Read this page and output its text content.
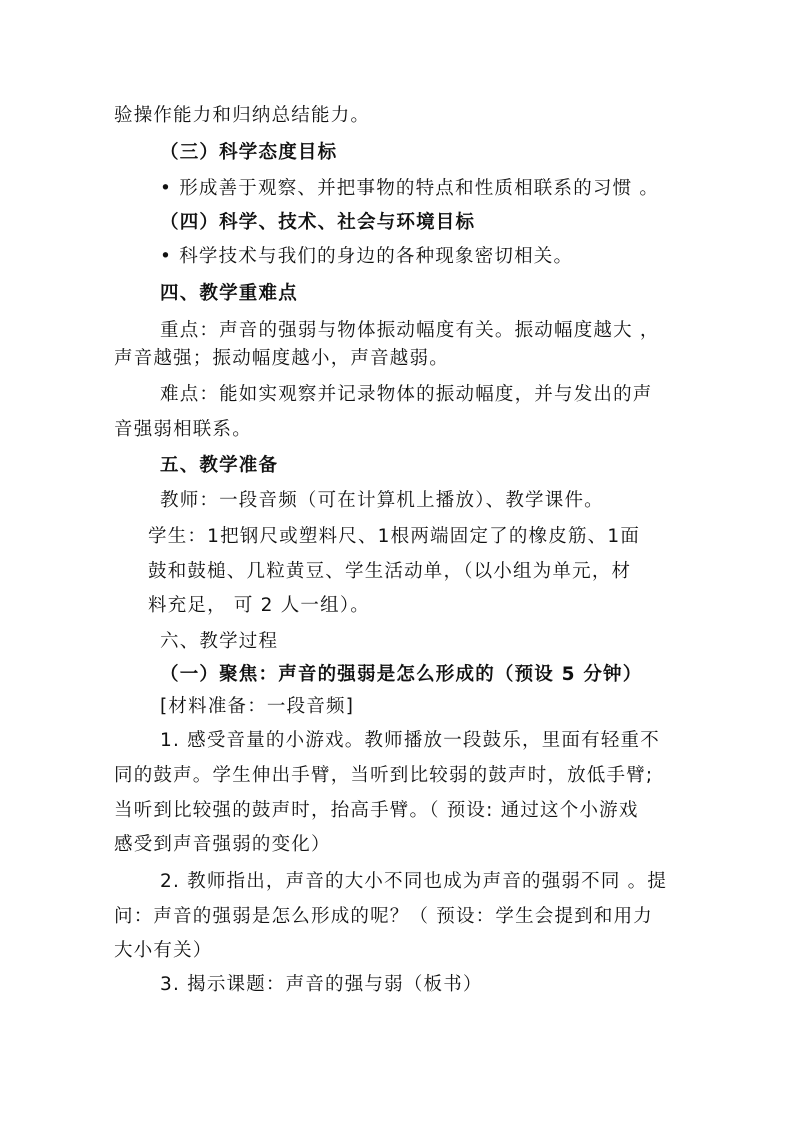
验操作能力和归纳总结能力。
（三）科学态度目标
• 形成善于观察、并把事物的特点和性质相联系的习惯 。
（四）科学、技术、社会与环境目标
• 科学技术与我们的身边的各种现象密切相关。
四、教学重难点
重点：声音的强弱与物体振动幅度有关。振动幅度越大 ，
声音越强；振动幅度越小，声音越弱。
难点：能如实观察并记录物体的振动幅度，并与发出的声
音强弱相联系。
五、教学准备
教师：一段音频（可在计算机上播放）、教学课件。
学生：1把钢尺或塑料尺、1根两端固定了的橡皮筋、1面
鼓和鼓槌、几粒黄豆、学生活动单，（以小组为单元，材
料充足， 可 2 人一组）。
六、教学过程
（一）聚焦：声音的强弱是怎么形成的（预设 5 分钟）
[材料准备：一段音频]
1. 感受音量的小游戏。教师播放一段鼓乐，里面有轻重不
同的鼓声。学生伸出手臂，当听到比较弱的鼓声时，放低手臂;
当听到比较强的鼓声时，抬高手臂。（ 预设: 通过这个小游戏
感受到声音强弱的变化）
2. 教师指出，声音的大小不同也成为声音的强弱不同 。提
问：声音的强弱是怎么形成的呢？（ 预设：学生会提到和用力
大小有关）
3. 揭示课题：声音的强与弱（板书）
